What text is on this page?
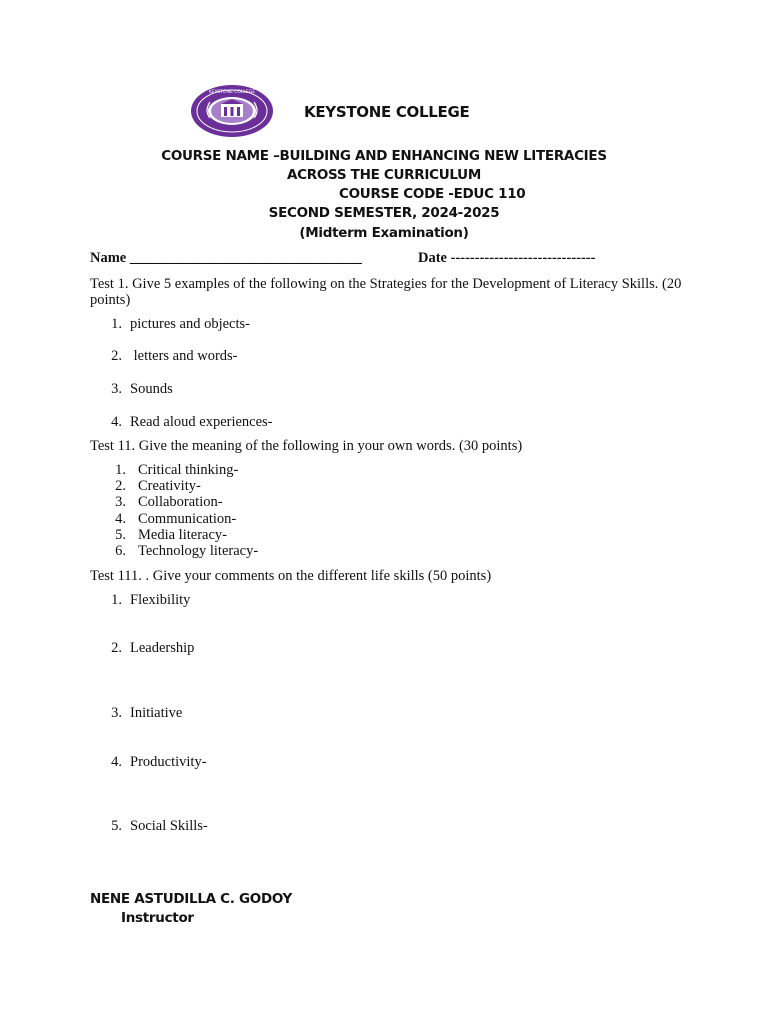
KEYSTONE COLLEGE
KEYSTONE COLLEGE
COURSE NAME –BUILDING AND ENHANCING NEW LITERACIES
ACROSS THE CURRICULUM
COURSE CODE -EDUC 110
SECOND SEMESTER, 2024-2025
(Midterm Examination)
Name ________________________________	Date ------------------------------
Test 1. Give 5 examples of the following on the Strategies for the Development of Literacy Skills. (20
points)
1. pictures and objects-
2. letters and words-
3. Sounds
4. Read aloud experiences-
Test 11. Give the meaning of the following in your own words. (30 points)
1. Critical thinking-
2. Creativity-
3. Collaboration-
4. Communication-
5. Media literacy-
6. Technology literacy-
Test 111. . Give your comments on the different life skills (50 points)
1. Flexibility
2. Leadership
3. Initiative
4. Productivity-
5. Social Skills-
NENE ASTUDILLA C. GODOY
Instructor
